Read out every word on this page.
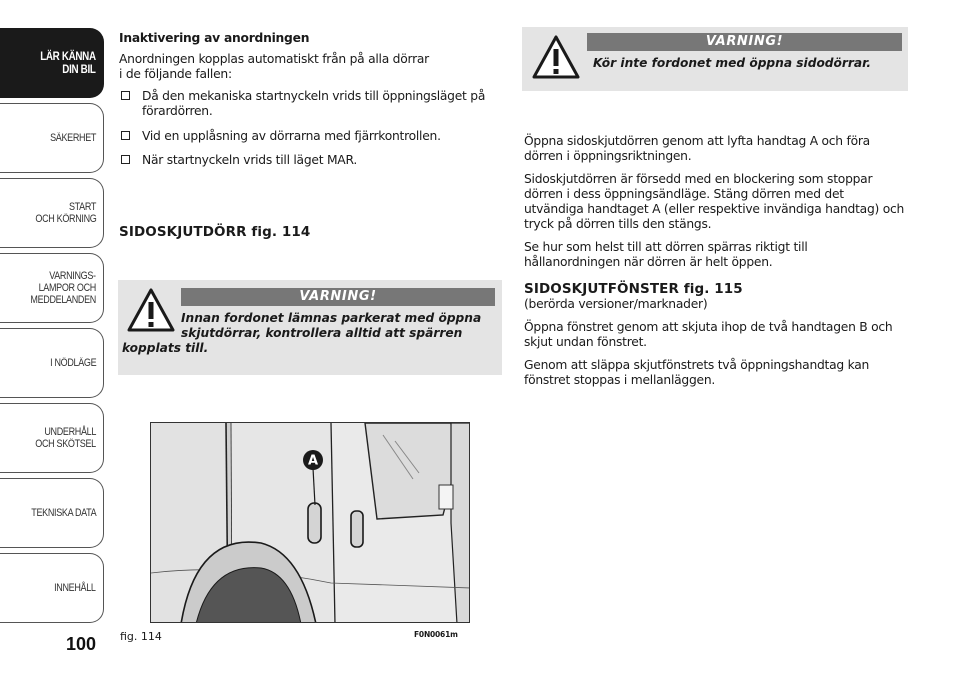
LÄR KÄNNA
DIN BIL
SÄKERHET
START
OCH KÖRNING
VARNINGS-
LAMPOR OCH
MEDDELANDEN
I NÖDLÄGE
UNDERHÅLL
OCH SKÖTSEL
TEKNISKA DATA
INNEHÅLL
100

Inaktivering av anordningen

Anordningen kopplas automatiskt från på alla dörrar
i de följande fallen:

Då den mekaniska startnyckeln vrids till öppningsläget på
förardörren.
Vid en upplåsning av dörrarna med fjärrkontrollen.
När startnyckeln vrids till läget MAR.
SIDOSKJUTDÖRR fig. 114
VARNING!
Innan fordonet lämnas parkerat med öppna
skjutdörrar, kontrollera alltid att spärren
kopplats till.
A
fig. 114	F0N0061m
VARNING!
Kör inte fordonet med öppna sidodörrar.

Öppna sidoskjutdörren genom att lyfta handtag A och föra
dörren i öppningsriktningen.

Sidoskjutdörren är försedd med en blockering som stoppar
dörren i dess öppningsändläge. Stäng dörren med det
utvändiga handtaget A (eller respektive invändiga handtag) och
tryck på dörren tills den stängs.

Se hur som helst till att dörren spärras riktigt till
hållanordningen när dörren är helt öppen.

SIDOSKJUTFÖNSTER fig. 115
(berörda versioner/marknader)

Öppna fönstret genom att skjuta ihop de två handtagen B och
skjut undan fönstret.

Genom att släppa skjutfönstrets två öppningshandtag kan
fönstret stoppas i mellanläggen.
